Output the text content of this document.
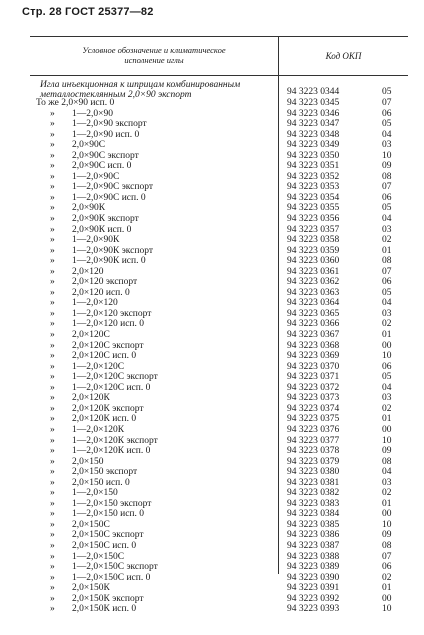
Стр. 28 ГОСТ 25377—82
Условное обозначение и климатическое
исполнение иглы	Код ОКП
Игла инъекционная к шприцам комбинированным металлостеклянным 2,0×90 экспорт	94 3223 0344	05
То же 2,0×90 исп. 0	94 3223 0345	07
» 1—2,0×90	94 3223 0346	06
» 1—2,0×90 экспорт	94 3223 0347	05
» 1—2,0×90 исп. 0	94 3223 0348	04
» 2,0×90С	94 3223 0349	03
» 2,0×90С экспорт	94 3223 0350	10
» 2,0×90С исп. 0	94 3223 0351	09
» 1—2,0×90С	94 3223 0352	08
» 1—2,0×90С экспорт	94 3223 0353	07
» 1—2,0×90С исп. 0	94 3223 0354	06
» 2,0×90К	94 3223 0355	05
» 2,0×90К экспорт	94 3223 0356	04
» 2,0×90К исп. 0	94 3223 0357	03
» 1—2,0×90К	94 3223 0358	02
» 1—2,0×90К экспорт	94 3223 0359	01
» 1—2,0×90К исп. 0	94 3223 0360	08
» 2,0×120	94 3223 0361	07
» 2,0×120 экспорт	94 3223 0362	06
» 2,0×120 исп. 0	94 3223 0363	05
» 1—2,0×120	94 3223 0364	04
» 1—2,0×120 экспорт	94 3223 0365	03
» 1—2,0×120 исп. 0	94 3223 0366	02
» 2,0×120С	94 3223 0367	01
» 2,0×120С экспорт	94 3223 0368	00
» 2,0×120С исп. 0	94 3223 0369	10
» 1—2,0×120С	94 3223 0370	06
» 1—2,0×120С экспорт	94 3223 0371	05
» 1—2,0×120С исп. 0	94 3223 0372	04
» 2,0×120К	94 3223 0373	03
» 2,0×120К экспорт	94 3223 0374	02
» 2,0×120К исп. 0	94 3223 0375	01
» 1—2,0×120К	94 3223 0376	00
» 1—2,0×120К экспорт	94 3223 0377	10
» 1—2,0×120К исп. 0	94 3223 0378	09
» 2,0×150	94 3223 0379	08
» 2,0×150 экспорт	94 3223 0380	04
» 2,0×150 исп. 0	94 3223 0381	03
» 1—2,0×150	94 3223 0382	02
» 1—2,0×150 экспорт	94 3223 0383	01
» 1—2,0×150 исп. 0	94 3223 0384	00
» 2,0×150С	94 3223 0385	10
» 2,0×150С экспорт	94 3223 0386	09
» 2,0×150С исп. 0	94 3223 0387	08
» 1—2,0×150С	94 3223 0388	07
» 1—2,0×150С экспорт	94 3223 0389	06
» 1—2,0×150С исп. 0	94 3223 0390	02
» 2,0×150К	94 3223 0391	01
» 2,0×150К экспорт	94 3223 0392	00
» 2,0×150К исп. 0	94 3223 0393	10
